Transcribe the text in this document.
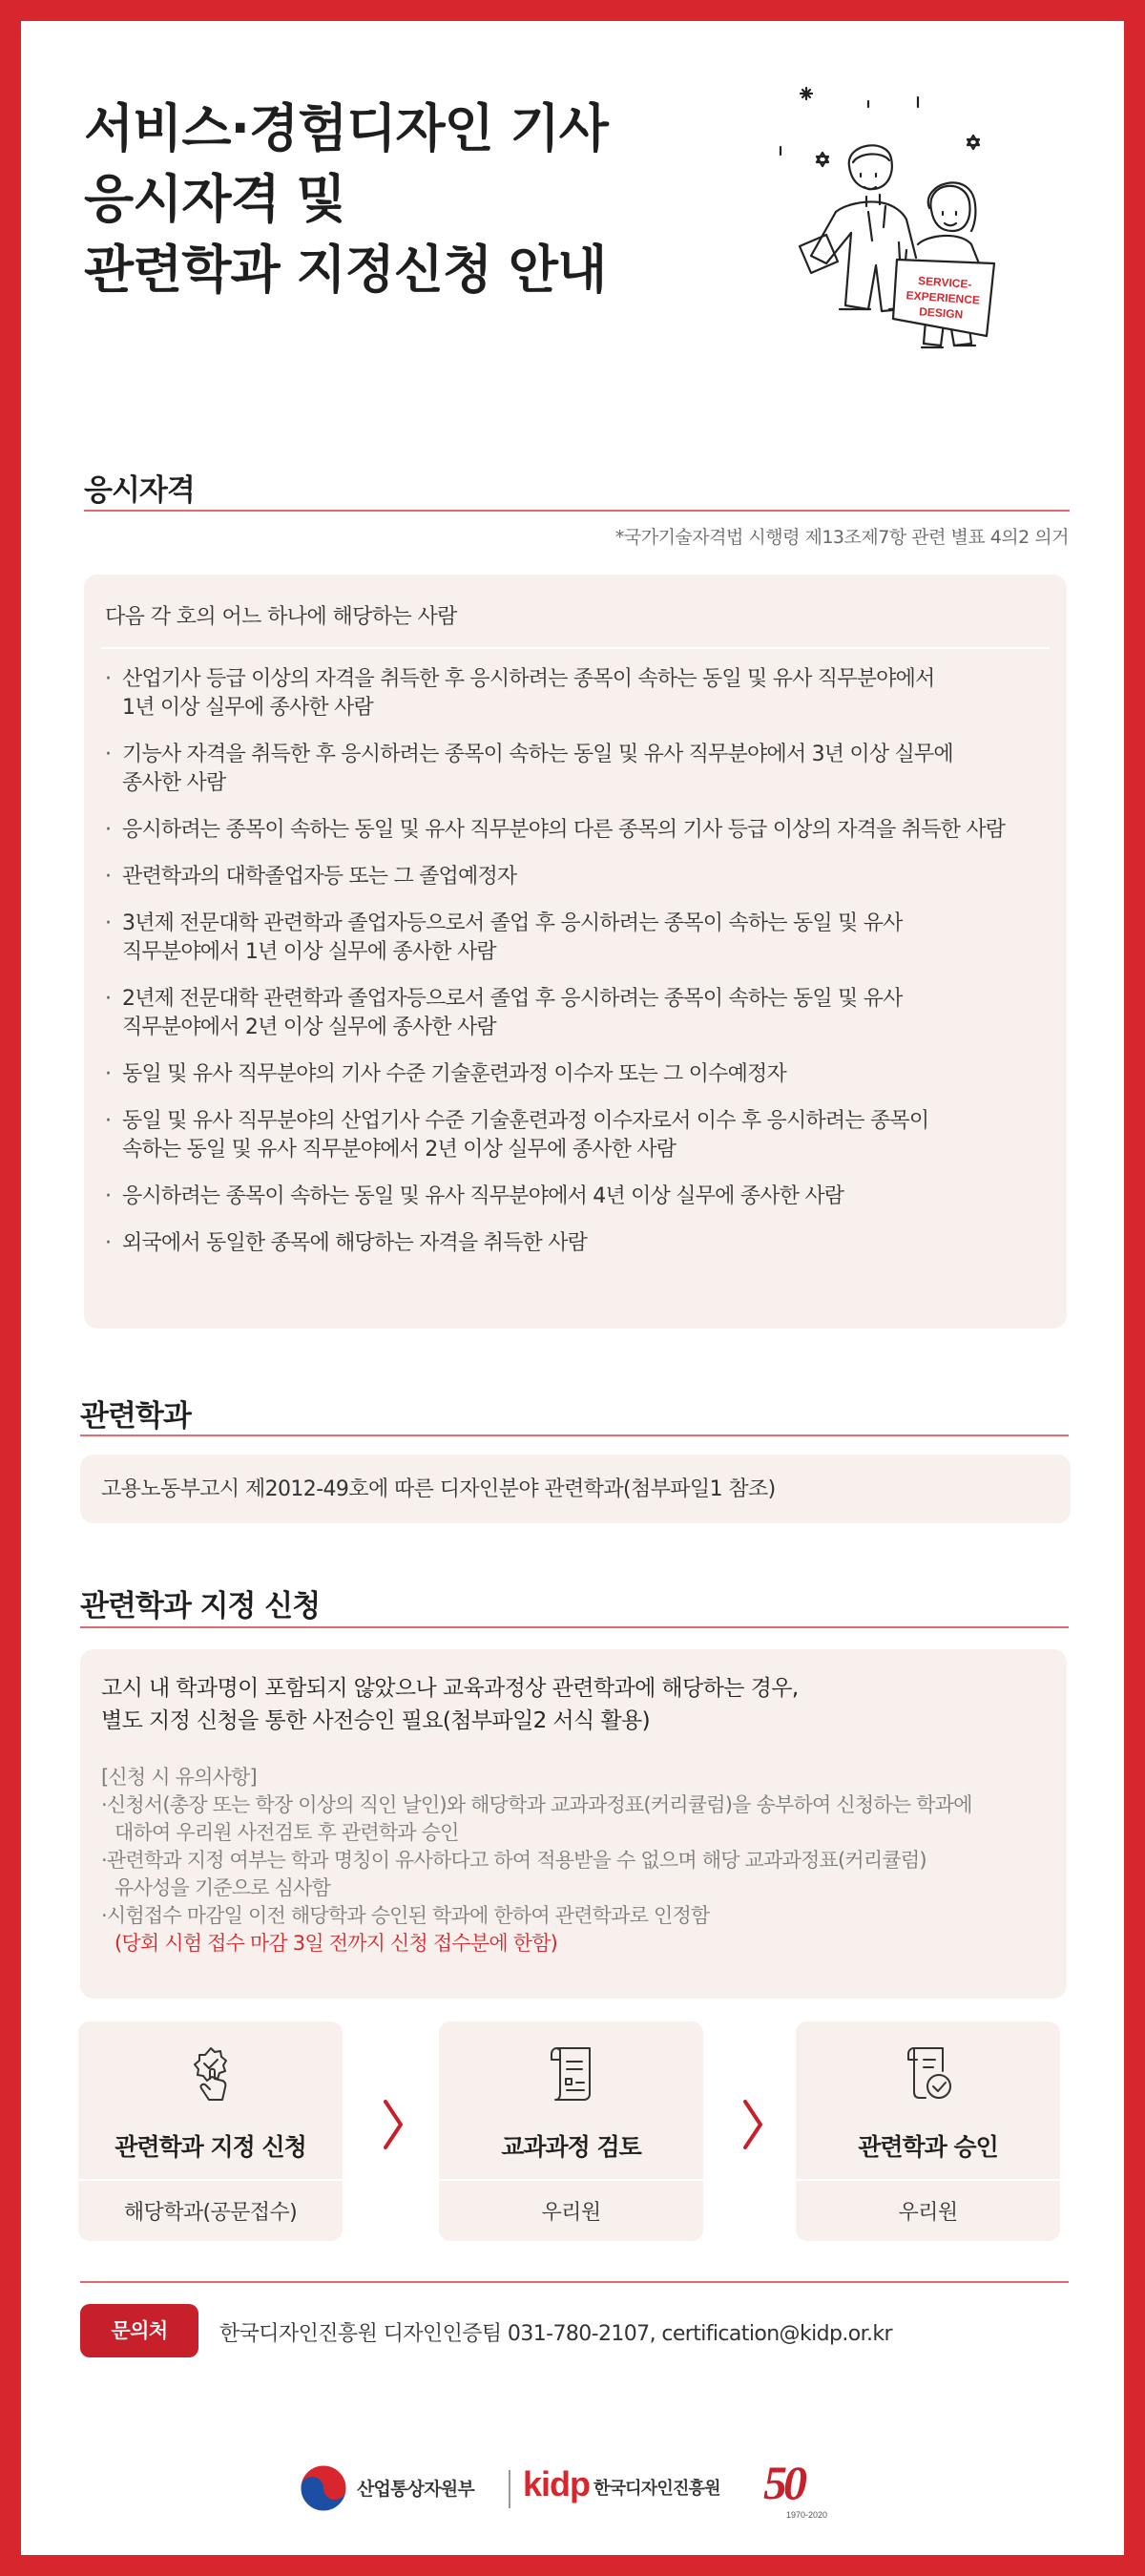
서비스·경험디자인 기사
응시자격 및
관련학과 지정신청 안내	SERVICE-
EXPERIENCE
DESIGN
응시자격
*국가기술자격법 시행령 제13조제7항 관련 별표 4의2 의거
다음 각 호의 어느 하나에 해당하는 사람
· 산업기사 등급 이상의 자격을 취득한 후 응시하려는 종목이 속하는 동일 및 유사 직무분야에서
1년 이상 실무에 종사한 사람
· 기능사 자격을 취득한 후 응시하려는 종목이 속하는 동일 및 유사 직무분야에서 3년 이상 실무에
종사한 사람
· 응시하려는 종목이 속하는 동일 및 유사 직무분야의 다른 종목의 기사 등급 이상의 자격을 취득한 사람
· 관련학과의 대학졸업자등 또는 그 졸업예정자
· 3년제 전문대학 관련학과 졸업자등으로서 졸업 후 응시하려는 종목이 속하는 동일 및 유사
직무분야에서 1년 이상 실무에 종사한 사람
· 2년제 전문대학 관련학과 졸업자등으로서 졸업 후 응시하려는 종목이 속하는 동일 및 유사
직무분야에서 2년 이상 실무에 종사한 사람
· 동일 및 유사 직무분야의 기사 수준 기술훈련과정 이수자 또는 그 이수예정자
· 동일 및 유사 직무분야의 산업기사 수준 기술훈련과정 이수자로서 이수 후 응시하려는 종목이
속하는 동일 및 유사 직무분야에서 2년 이상 실무에 종사한 사람
· 응시하려는 종목이 속하는 동일 및 유사 직무분야에서 4년 이상 실무에 종사한 사람
· 외국에서 동일한 종목에 해당하는 자격을 취득한 사람
관련학과
고용노동부고시 제2012-49호에 따른 디자인분야 관련학과(첨부파일1 참조)
관련학과 지정 신청
고시 내 학과명이 포함되지 않았으나 교육과정상 관련학과에 해당하는 경우,
별도 지정 신청을 통한 사전승인 필요(첨부파일2 서식 활용)
[신청 시 유의사항]
·신청서(총장 또는 학장 이상의 직인 날인)와 해당학과 교과과정표(커리큘럼)을 송부하여 신청하는 학과에
대하여 우리원 사전검토 후 관련학과 승인
·관련학과 지정 여부는 학과 명칭이 유사하다고 하여 적용받을 수 없으며 해당 교과과정표(커리큘럼)
유사성을 기준으로 심사함
·시험접수 마감일 이전 해당학과 승인된 학과에 한하여 관련학과로 인정함
(당회 시험 접수 마감 3일 전까지 신청 접수분에 한함)
관련학과 지정 신청
해당학과(공문접수)
교과과정 검토
우리원
관련학과 승인
우리원
문의처	한국디자인진흥원 디자인인증팀 031-780-2107, certification@kidp.or.kr
산업통상자원부 kidp 한국디자인진흥원 50
1970-2020
